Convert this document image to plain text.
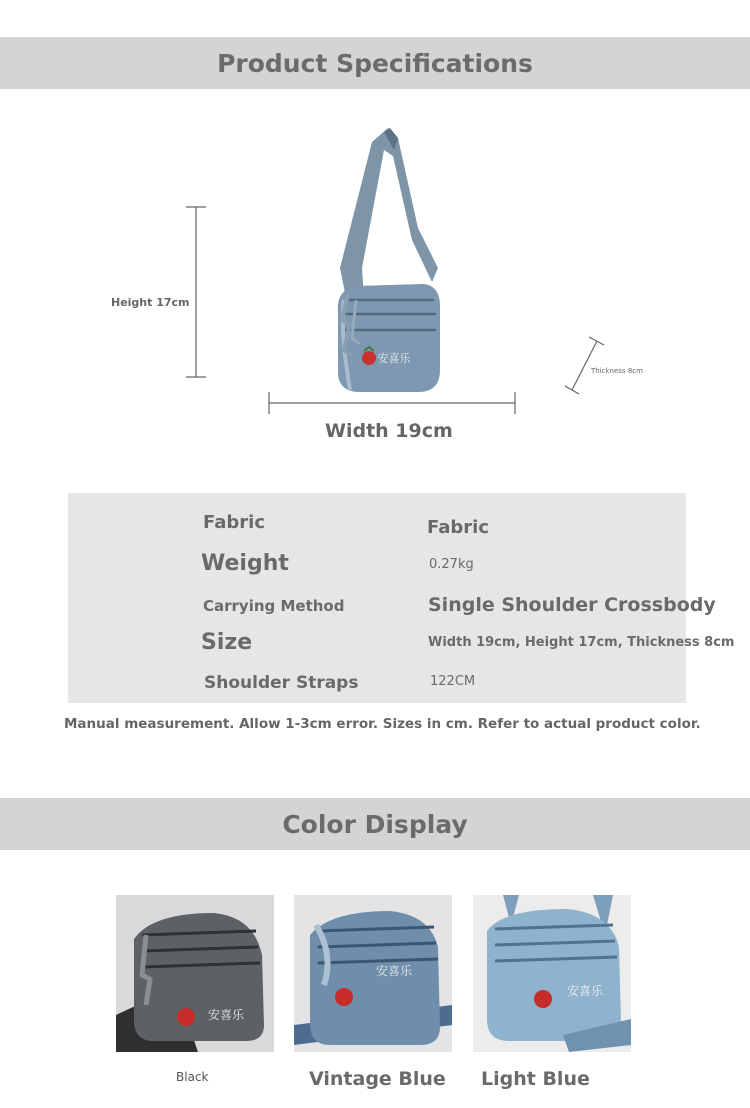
Product Specifications
安喜乐
Height 17cm
Width 19cm
Thickness 8cm
Fabric	Fabric
Weight	0.27kg
Carrying Method	Single Shoulder Crossbody
Size	Width 19cm, Height 17cm, Thickness 8cm
Shoulder Straps	122CM
Manual measurement. Allow 1-3cm error. Sizes in cm. Refer to actual product color.
Color Display
安喜乐
安喜乐
安喜乐
Black	Vintage Blue Light Blue
